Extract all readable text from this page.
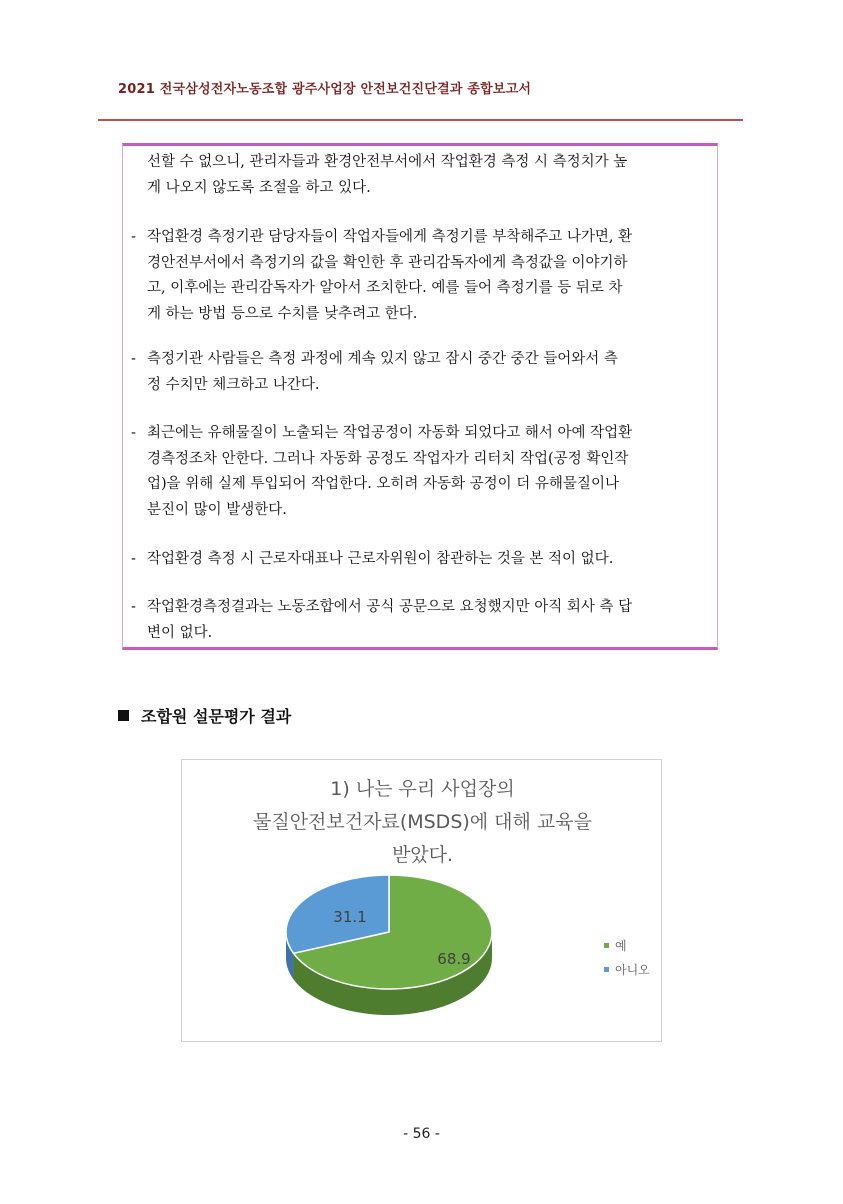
2021 전국삼성전자노동조합 광주사업장 안전보건진단결과 종합보고서
선할 수 없으니, 관리자들과 환경안전부서에서 작업환경 측정 시 측정치가 높
게 나오지 않도록 조절을 하고 있다.
- 작업환경 측정기관 담당자들이 작업자들에게 측정기를 부착해주고 나가면, 환
경안전부서에서 측정기의 값을 확인한 후 관리감독자에게 측정값을 이야기하
고, 이후에는 관리감독자가 알아서 조치한다. 예를 들어 측정기를 등 뒤로 차
게 하는 방법 등으로 수치를 낮추려고 한다.
- 측정기관 사람들은 측정 과정에 계속 있지 않고 잠시 중간 중간 들어와서 측
정 수치만 체크하고 나간다.
- 최근에는 유해물질이 노출되는 작업공정이 자동화 되었다고 해서 아예 작업환
경측정조차 안한다. 그러나 자동화 공정도 작업자가 리터치 작업(공정 확인작
업)을 위해 실제 투입되어 작업한다. 오히려 자동화 공정이 더 유해물질이나
분진이 많이 발생한다.
- 작업환경 측정 시 근로자대표나 근로자위원이 참관하는 것을 본 적이 없다.
- 작업환경측정결과는 노동조합에서 공식 공문으로 요청했지만 아직 회사 측 답
변이 없다.
조합원 설문평가 결과
1) 나는 우리 사업장의
물질안전보건자료(MSDS)에 대해 교육을
받았다.
68.9
31.1
예
아니오
- 56 -
